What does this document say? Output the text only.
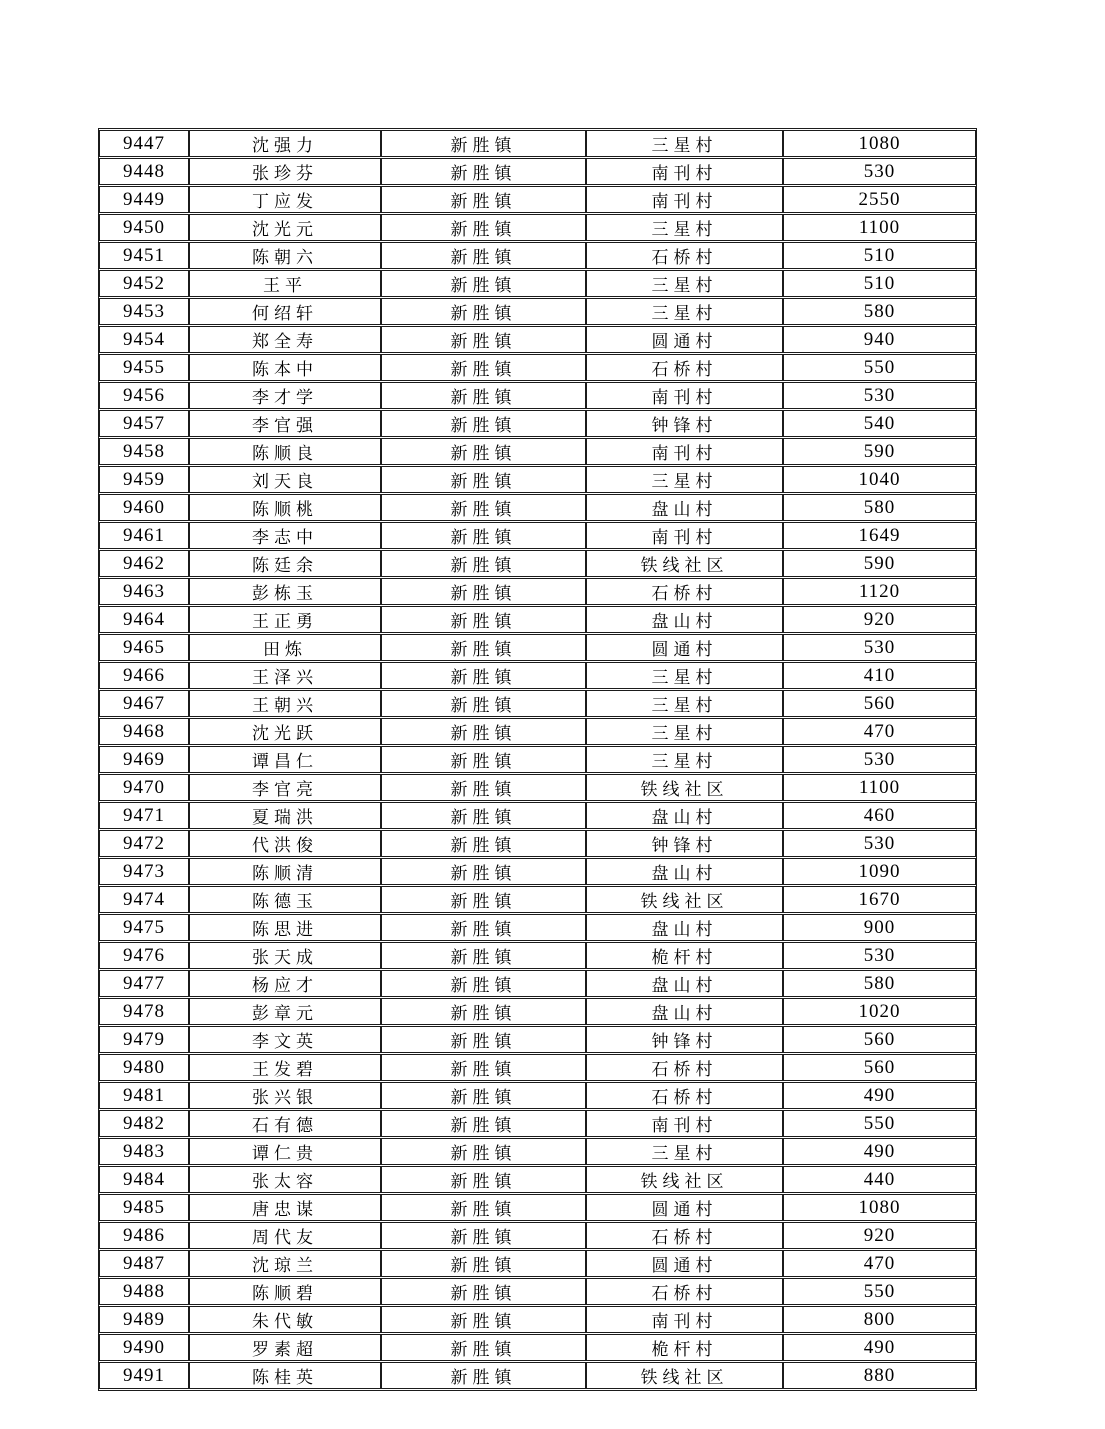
9447	沈强力	新胜镇	三星村	1080
9448	张珍芬	新胜镇	南刊村	530
9449	丁应发	新胜镇	南刊村	2550
9450	沈光元	新胜镇	三星村	1100
9451	陈朝六	新胜镇	石桥村	510
9452	王平	新胜镇	三星村	510
9453	何绍轩	新胜镇	三星村	580
9454	郑全寿	新胜镇	圆通村	940
9455	陈本中	新胜镇	石桥村	550
9456	李才学	新胜镇	南刊村	530
9457	李官强	新胜镇	钟锋村	540
9458	陈顺良	新胜镇	南刊村	590
9459	刘天良	新胜镇	三星村	1040
9460	陈顺桃	新胜镇	盘山村	580
9461	李志中	新胜镇	南刊村	1649
9462	陈廷余	新胜镇	铁线社区	590
9463	彭栋玉	新胜镇	石桥村	1120
9464	王正勇	新胜镇	盘山村	920
9465	田炼	新胜镇	圆通村	530
9466	王泽兴	新胜镇	三星村	410
9467	王朝兴	新胜镇	三星村	560
9468	沈光跃	新胜镇	三星村	470
9469	谭昌仁	新胜镇	三星村	530
9470	李官亮	新胜镇	铁线社区	1100
9471	夏瑞洪	新胜镇	盘山村	460
9472	代洪俊	新胜镇	钟锋村	530
9473	陈顺清	新胜镇	盘山村	1090
9474	陈德玉	新胜镇	铁线社区	1670
9475	陈思进	新胜镇	盘山村	900
9476	张天成	新胜镇	桅杆村	530
9477	杨应才	新胜镇	盘山村	580
9478	彭章元	新胜镇	盘山村	1020
9479	李文英	新胜镇	钟锋村	560
9480	王发碧	新胜镇	石桥村	560
9481	张兴银	新胜镇	石桥村	490
9482	石有德	新胜镇	南刊村	550
9483	谭仁贵	新胜镇	三星村	490
9484	张太容	新胜镇	铁线社区	440
9485	唐忠谋	新胜镇	圆通村	1080
9486	周代友	新胜镇	石桥村	920
9487	沈琼兰	新胜镇	圆通村	470
9488	陈顺碧	新胜镇	石桥村	550
9489	朱代敏	新胜镇	南刊村	800
9490	罗素超	新胜镇	桅杆村	490
9491	陈桂英	新胜镇	铁线社区	880
